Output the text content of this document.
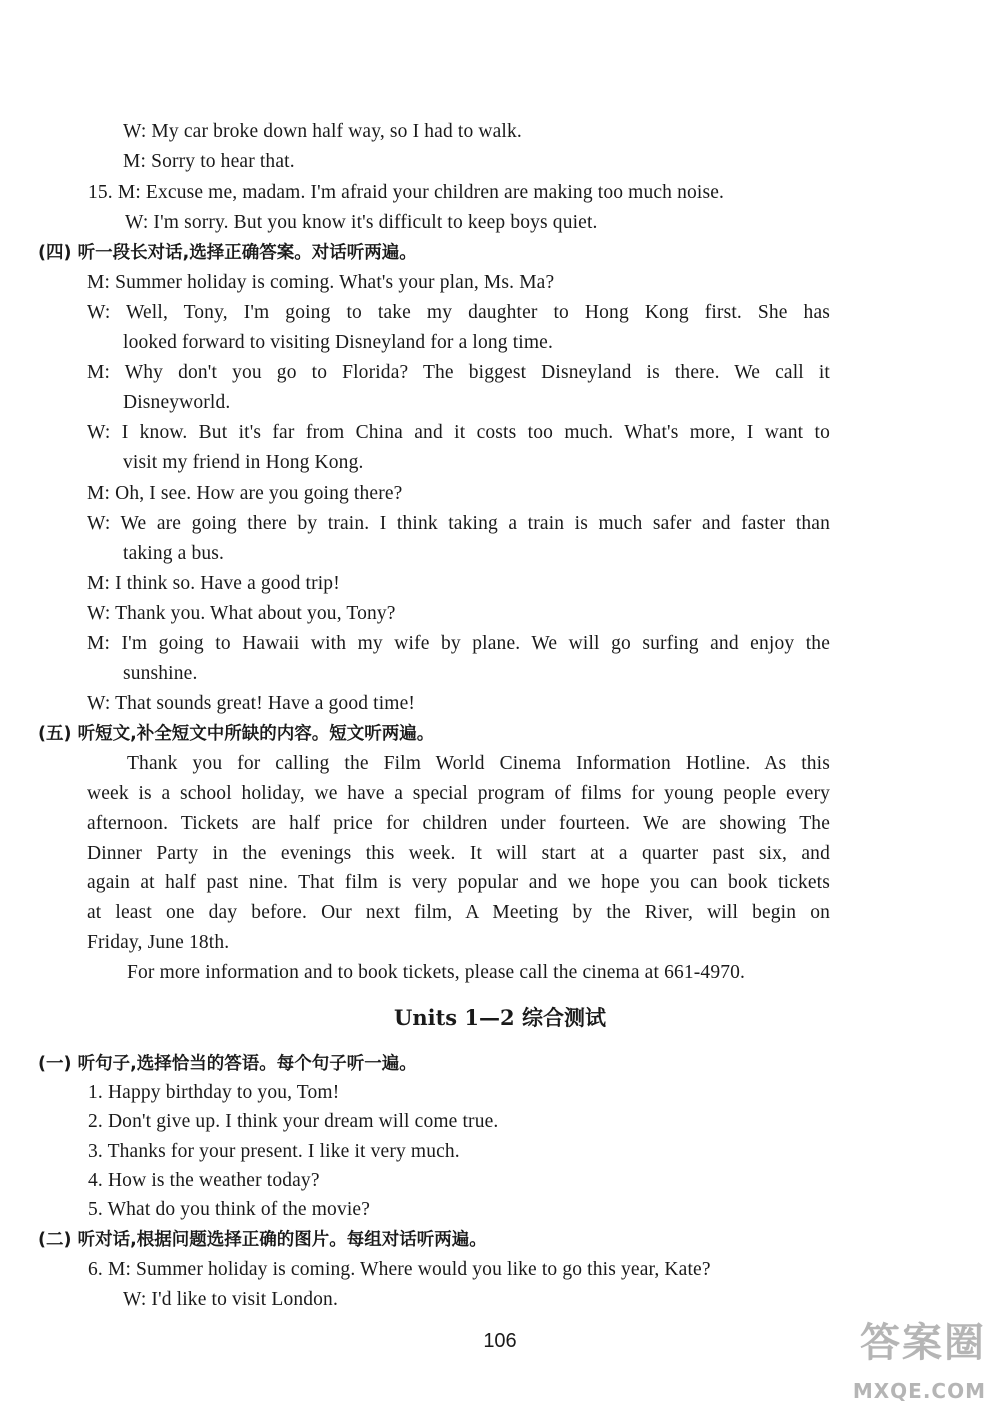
W: My car broke down half way, so I had to walk.
M: Sorry to hear that.
15. M: Excuse me, madam. I'm afraid your children are making too much noise.
W: I'm sorry. But you know it's difficult to keep boys quiet.
(四) 听一段长对话,选择正确答案。对话听两遍。
M: Summer holiday is coming. What's your plan, Ms. Ma?
W: Well, Tony, I'm going to take my daughter to Hong Kong first. She has
looked forward to visiting Disneyland for a long time.
M: Why don't you go to Florida? The biggest Disneyland is there. We call it
Disneyworld.
W: I know. But it's far from China and it costs too much. What's more, I want to
visit my friend in Hong Kong.
M: Oh, I see. How are you going there?
W: We are going there by train. I think taking a train is much safer and faster than
taking a bus.
M: I think so. Have a good trip!
W: Thank you. What about you, Tony?
M: I'm going to Hawaii with my wife by plane. We will go surfing and enjoy the
sunshine.
W: That sounds great! Have a good time!
(五) 听短文,补全短文中所缺的内容。短文听两遍。
Thank you for calling the Film World Cinema Information Hotline. As this
week is a school holiday, we have a special program of films for young people every
afternoon. Tickets are half price for children under fourteen. We are showing The
Dinner Party in the evenings this week. It will start at a quarter past six, and
again at half past nine. That film is very popular and we hope you can book tickets
at least one day before. Our next film, A Meeting by the River, will begin on
Friday, June 18th.
For more information and to book tickets, please call the cinema at 661-4970.
Units 1—2 综合测试
(一) 听句子,选择恰当的答语。每个句子听一遍。
1. Happy birthday to you, Tom!
2. Don't give up. I think your dream will come true.
3. Thanks for your present. I like it very much.
4. How is the weather today?
5. What do you think of the movie?
(二) 听对话,根据问题选择正确的图片。每组对话听两遍。
6. M: Summer holiday is coming. Where would you like to go this year, Kate?
W: I'd like to visit London.
106	答案圈
MXQE.COM
